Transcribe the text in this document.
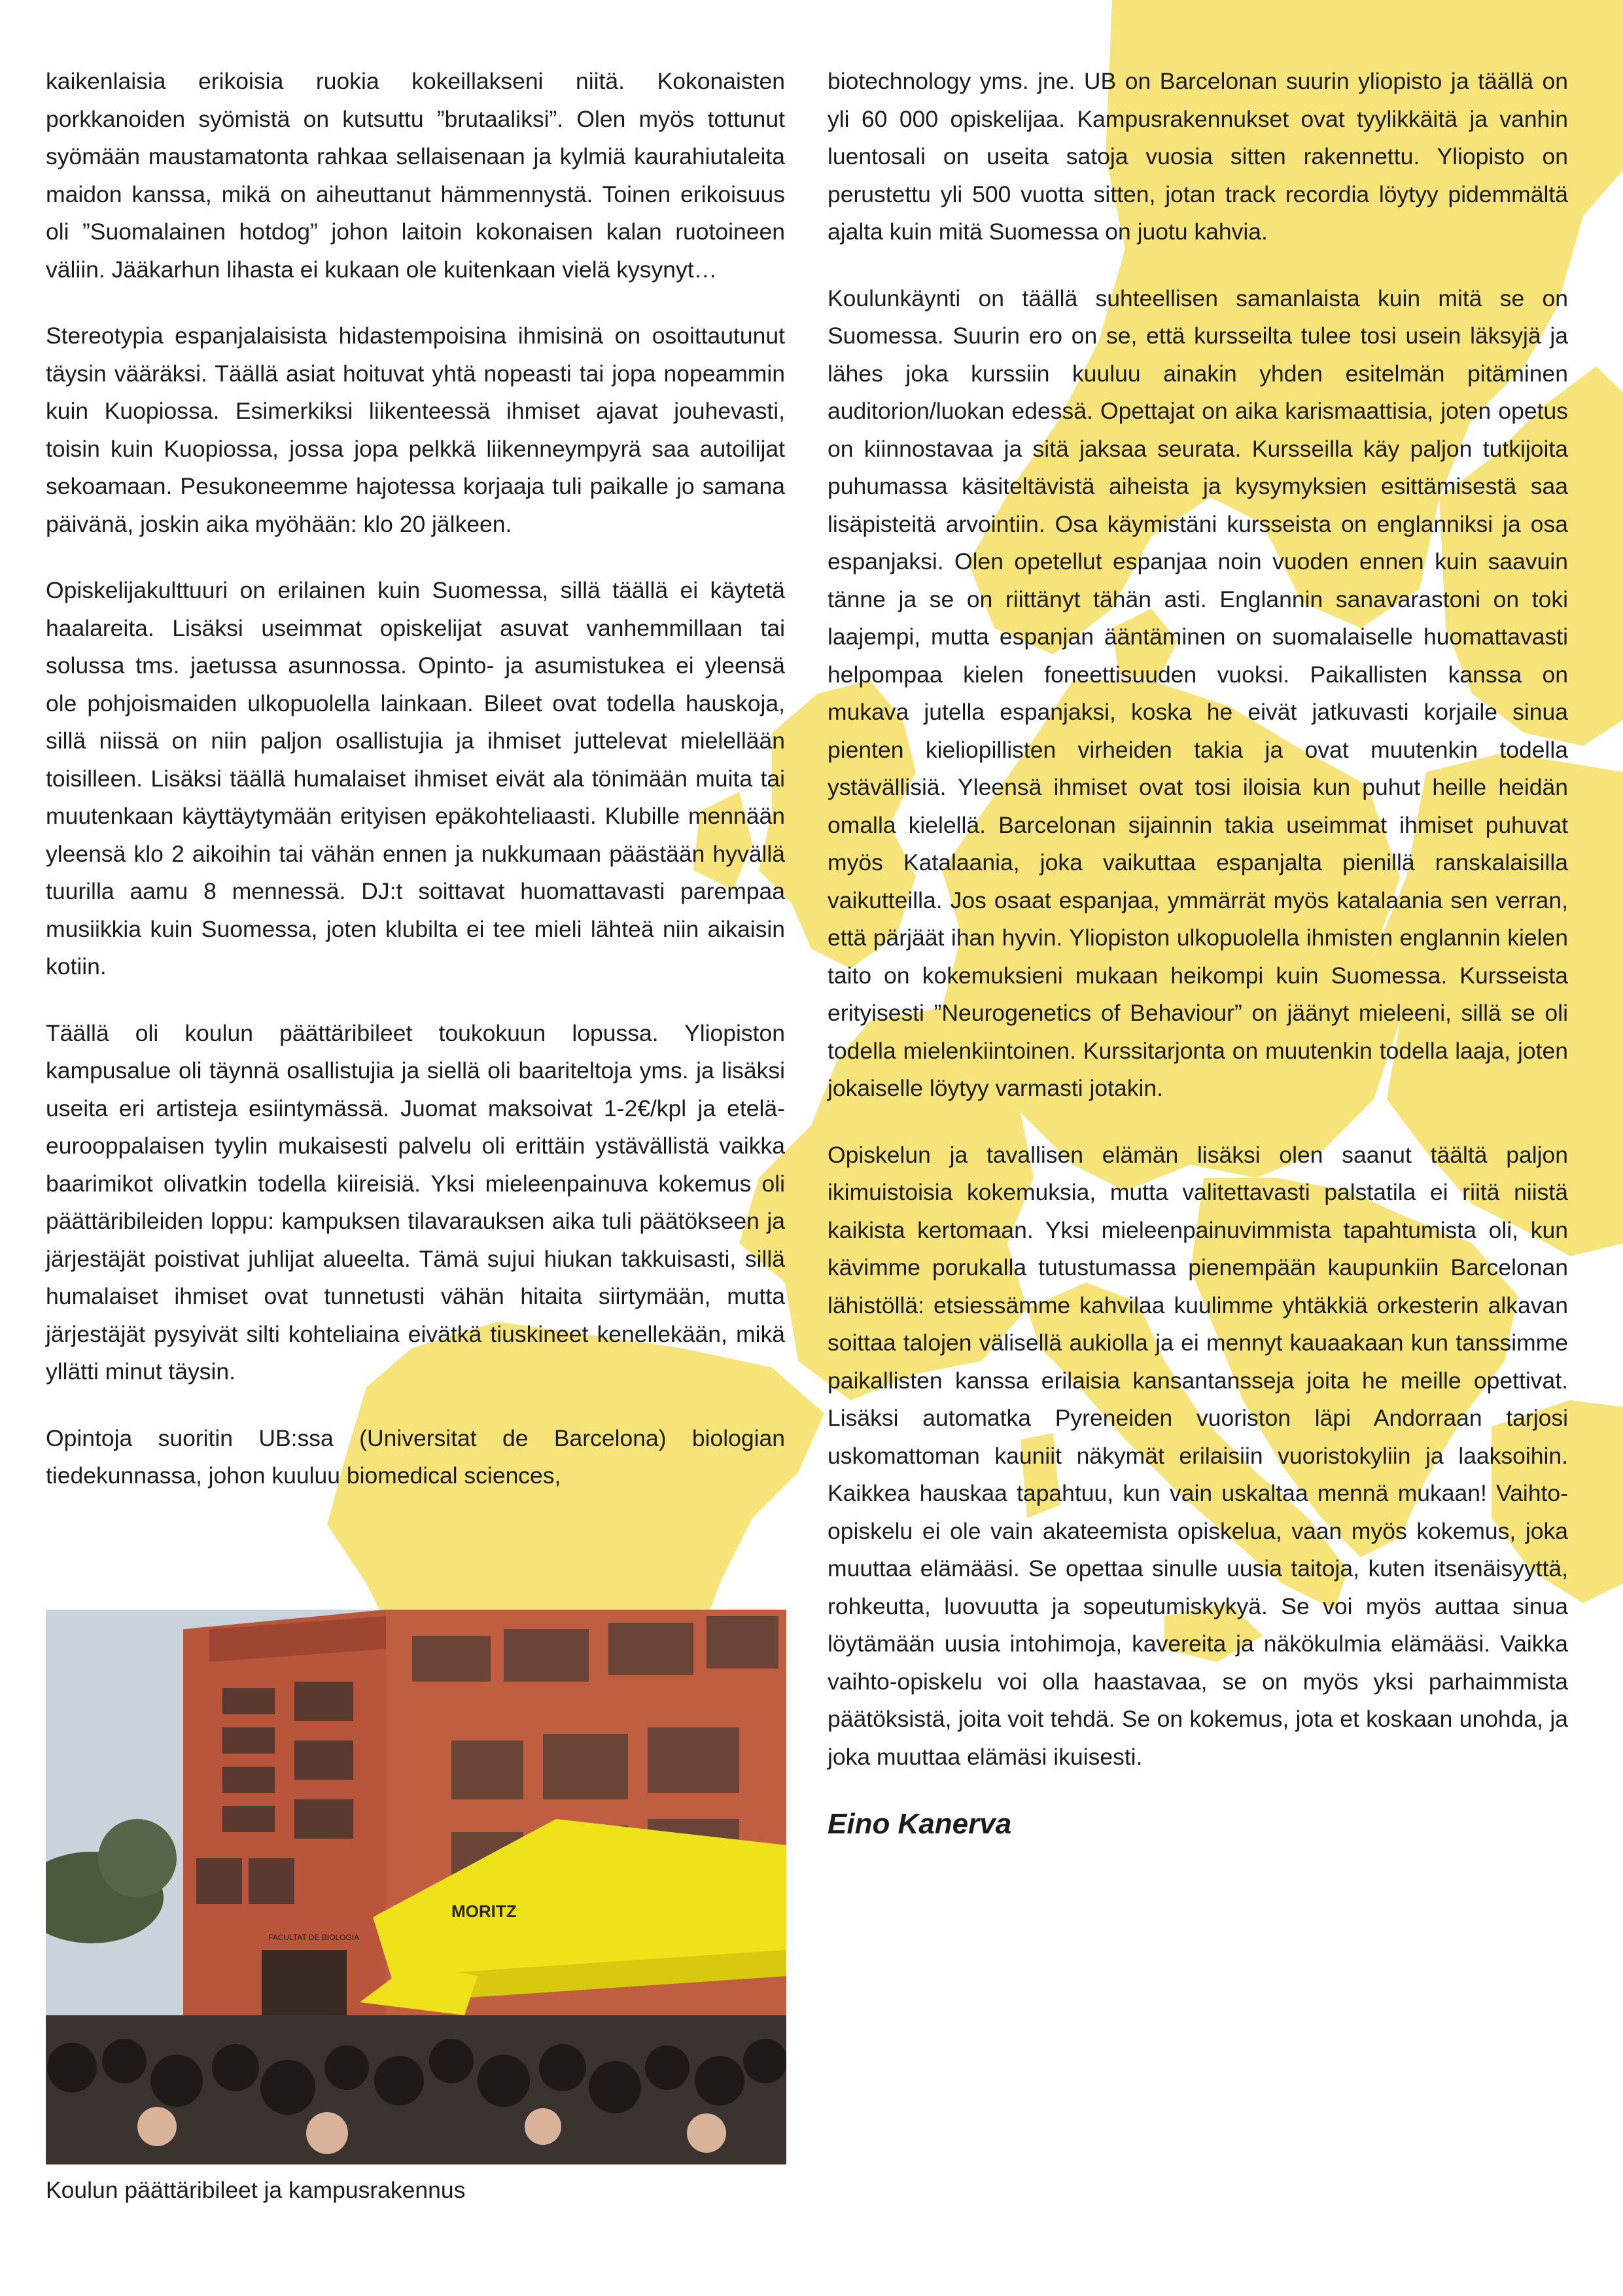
kaikenlaisia erikoisia ruokia kokeillakseni niitä. Kokonaisten porkkanoiden syömistä on kutsuttu ”brutaaliksi”. Olen myös tottunut syömään maustamatonta rahkaa sellaisenaan ja kylmiä kaurahiutaleita maidon kanssa, mikä on aiheuttanut hämmennystä. Toinen erikoisuus oli ”Suomalainen hotdog” johon laitoin kokonaisen kalan ruotoineen väliin. Jääkarhun lihasta ei kukaan ole kuitenkaan vielä kysynyt…

Stereotypia espanjalaisista hidastempoisina ihmisinä on osoittautunut täysin vääräksi. Täällä asiat hoituvat yhtä nopeasti tai jopa nopeammin kuin Kuopiossa. Esimerkiksi liikenteessä ihmiset ajavat jouhevasti, toisin kuin Kuopiossa, jossa jopa pelkkä liikenneympyrä saa autoilijat sekoamaan. Pesukoneemme hajotessa korjaaja tuli paikalle jo samana päivänä, joskin aika myöhään: klo 20 jälkeen.

Opiskelijakulttuuri on erilainen kuin Suomessa, sillä täällä ei käytetä haalareita. Lisäksi useimmat opiskelijat asuvat vanhemmillaan tai solussa tms. jaetussa asunnossa. Opinto- ja asumistukea ei yleensä ole pohjoismaiden ulkopuolella lainkaan. Bileet ovat todella hauskoja, sillä niissä on niin paljon osallistujia ja ihmiset juttelevat mielellään toisilleen. Lisäksi täällä humalaiset ihmiset eivät ala tönimään muita tai muutenkaan käyttäytymään erityisen epäkohteliaasti. Klubille mennään yleensä klo 2 aikoihin tai vähän ennen ja nukkumaan päästään hyvällä tuurilla aamu 8 mennessä. DJ:t soittavat huomattavasti parempaa musiikkia kuin Suomessa, joten klubilta ei tee mieli lähteä niin aikaisin kotiin.

Täällä oli koulun päättäribileet toukokuun lopussa. Yliopiston kampusalue oli täynnä osallistujia ja siellä oli baariteltoja yms. ja lisäksi useita eri artisteja esiintymässä. Juomat maksoivat 1-2€/kpl ja etelä-eurooppalaisen tyylin mukaisesti palvelu oli erittäin ystävällistä vaikka baarimikot olivatkin todella kiireisiä. Yksi mieleenpainuva kokemus oli päättäribileiden loppu: kampuksen tilavarauksen aika tuli päätökseen ja järjestäjät poistivat juhlijat alueelta. Tämä sujui hiukan takkuisasti, sillä humalaiset ihmiset ovat tunnetusti vähän hitaita siirtymään, mutta järjestäjät pysyivät silti kohteliaina eivätkä tiuskineet kenellekään, mikä yllätti minut täysin.

Opintoja suoritin UB:ssa (Universitat de Barcelona) biologian tiedekunnassa, johon kuuluu biomedical sciences,

FACULTAT DE BIOLOGIA
MORITZ
Koulun päättäribileet ja kampusrakennus

biotechnology yms. jne. UB on Barcelonan suurin yliopisto ja täällä on yli 60 000 opiskelijaa. Kampusrakennukset ovat tyylikkäitä ja vanhin luentosali on useita satoja vuosia sitten rakennettu. Yliopisto on perustettu yli 500 vuotta sitten, jotan track recordia löytyy pidemmältä ajalta kuin mitä Suomessa on juotu kahvia.

Koulunkäynti on täällä suhteellisen samanlaista kuin mitä se on Suomessa. Suurin ero on se, että kursseilta tulee tosi usein läksyjä ja lähes joka kurssiin kuuluu ainakin yhden esitelmän pitäminen auditorion/luokan edessä. Opettajat on aika karismaattisia, joten opetus on kiinnostavaa ja sitä jaksaa seurata. Kursseilla käy paljon tutkijoita puhumassa käsiteltävistä aiheista ja kysymyksien esittämisestä saa lisäpisteitä arvointiin. Osa käymistäni kursseista on englanniksi ja osa espanjaksi. Olen opetellut espanjaa noin vuoden ennen kuin saavuin tänne ja se on riittänyt tähän asti. Englannin sanavarastoni on toki laajempi, mutta espanjan ääntäminen on suomalaiselle huomattavasti helpompaa kielen foneettisuuden vuoksi. Paikallisten kanssa on mukava jutella espanjaksi, koska he eivät jatkuvasti korjaile sinua pienten kieliopillisten virheiden takia ja ovat muutenkin todella ystävällisiä. Yleensä ihmiset ovat tosi iloisia kun puhut heille heidän omalla kielellä. Barcelonan sijainnin takia useimmat ihmiset puhuvat myös Katalaania, joka vaikuttaa espanjalta pienillä ranskalaisilla vaikutteilla. Jos osaat espanjaa, ymmärrät myös katalaania sen verran, että pärjäät ihan hyvin. Yliopiston ulkopuolella ihmisten englannin kielen taito on kokemuksieni mukaan heikompi kuin Suomessa. Kursseista erityisesti ”Neurogenetics of Behaviour” on jäänyt mieleeni, sillä se oli todella mielenkiintoinen. Kurssitarjonta on muutenkin todella laaja, joten jokaiselle löytyy varmasti jotakin.

Opiskelun ja tavallisen elämän lisäksi olen saanut täältä paljon ikimuistoisia kokemuksia, mutta valitettavasti palstatila ei riitä niistä kaikista kertomaan. Yksi mieleenpainuvimmista tapahtumista oli, kun kävimme porukalla tutustumassa pienempään kaupunkiin Barcelonan lähistöllä: etsiessämme kahvilaa kuulimme yhtäkkiä orkesterin alkavan soittaa talojen välisellä aukiolla ja ei mennyt kauaakaan kun tanssimme paikallisten kanssa erilaisia kansantansseja joita he meille opettivat. Lisäksi automatka Pyreneiden vuoriston läpi Andorraan tarjosi uskomattoman kauniit näkymät erilaisiin vuoristokyliin ja laaksoihin. Kaikkea hauskaa tapahtuu, kun vain uskaltaa mennä mukaan! Vaihto-opiskelu ei ole vain akateemista opiskelua, vaan myös kokemus, joka muuttaa elämääsi. Se opettaa sinulle uusia taitoja, kuten itsenäisyyttä, rohkeutta, luovuutta ja sopeutumiskykyä. Se voi myös auttaa sinua löytämään uusia intohimoja, kavereita ja näkökulmia elämääsi. Vaikka vaihto-opiskelu voi olla haastavaa, se on myös yksi parhaimmista päätöksistä, joita voit tehdä. Se on kokemus, jota et koskaan unohda, ja joka muuttaa elämäsi ikuisesti.

Eino Kanerva
